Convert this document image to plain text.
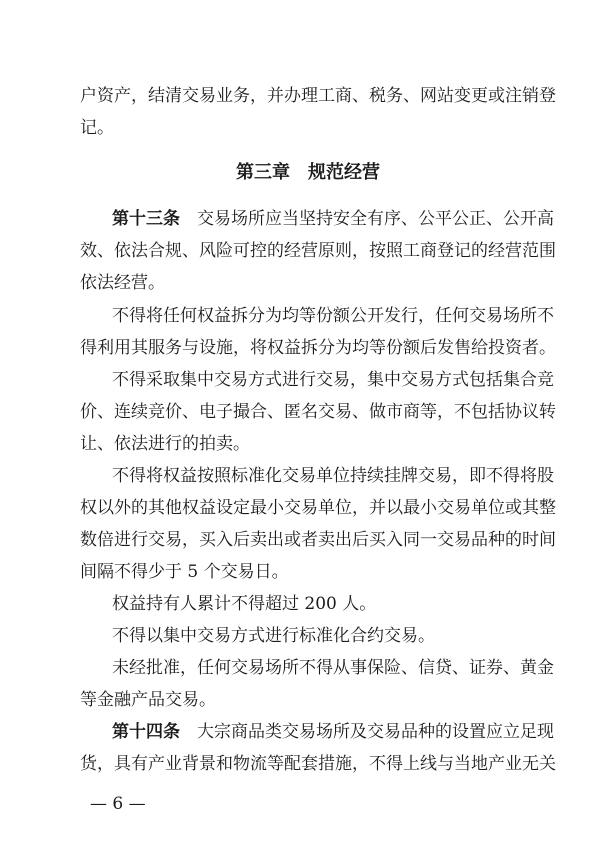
户资产，结清交易业务，并办理工商、税务、网站变更或注销登
记。
第三章　规范经营
第十三条　交易场所应当坚持安全有序、公平公正、公开高
效、依法合规、风险可控的经营原则，按照工商登记的经营范围
依法经营。
不得将任何权益拆分为均等份额公开发行，任何交易场所不
得利用其服务与设施，将权益拆分为均等份额后发售给投资者。
不得采取集中交易方式进行交易，集中交易方式包括集合竞
价、连续竞价、电子撮合、匿名交易、做市商等，不包括协议转
让、依法进行的拍卖。
不得将权益按照标准化交易单位持续挂牌交易，即不得将股
权以外的其他权益设定最小交易单位，并以最小交易单位或其整
数倍进行交易，买入后卖出或者卖出后买入同一交易品种的时间
间隔不得少于 5 个交易日。
权益持有人累计不得超过 200 人。
不得以集中交易方式进行标准化合约交易。
未经批准，任何交易场所不得从事保险、信贷、证券、黄金
等金融产品交易。
第十四条　大宗商品类交易场所及交易品种的设置应立足现
货，具有产业背景和物流等配套措施，不得上线与当地产业无关
— 6 —
